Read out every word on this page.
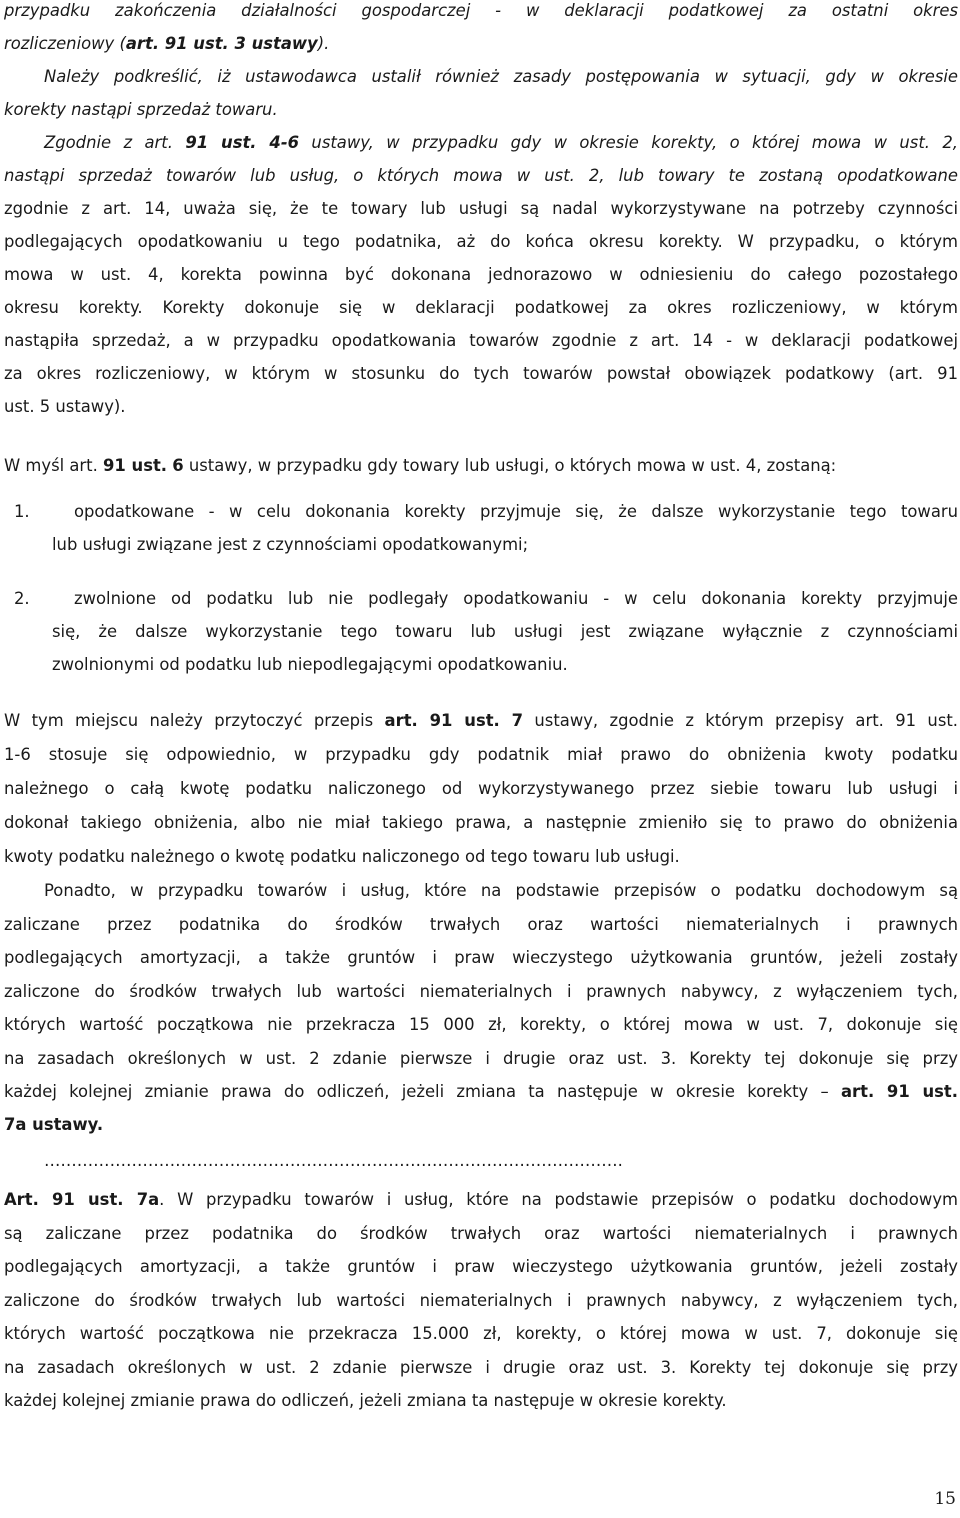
przypadku zakończenia działalności gospodarczej - w deklaracji podatkowej za ostatni okres
rozliczeniowy (art. 91 ust. 3 ustawy).
Należy podkreślić, iż ustawodawca ustalił również zasady postępowania w sytuacji, gdy w okresie
korekty nastąpi sprzedaż towaru.
Zgodnie z art. 91 ust. 4-6 ustawy, w przypadku gdy w okresie korekty, o której mowa w ust. 2,
nastąpi sprzedaż towarów lub usług, o których mowa w ust. 2, lub towary te zostaną opodatkowane
zgodnie z art. 14, uważa się, że te towary lub usługi są nadal wykorzystywane na potrzeby czynności
podlegających opodatkowaniu u tego podatnika, aż do końca okresu korekty. W przypadku, o którym
mowa w ust. 4, korekta powinna być dokonana jednorazowo w odniesieniu do całego pozostałego
okresu korekty. Korekty dokonuje się w deklaracji podatkowej za okres rozliczeniowy, w którym
nastąpiła sprzedaż, a w przypadku opodatkowania towarów zgodnie z art. 14 - w deklaracji podatkowej
za okres rozliczeniowy, w którym w stosunku do tych towarów powstał obowiązek podatkowy (art. 91
ust. 5 ustawy).
W myśl art. 91 ust. 6 ustawy, w przypadku gdy towary lub usługi, o których mowa w ust. 4, zostaną:
1.	opodatkowane - w celu dokonania korekty przyjmuje się, że dalsze wykorzystanie tego towaru
lub usługi związane jest z czynnościami opodatkowanymi;
2.	zwolnione od podatku lub nie podlegały opodatkowaniu - w celu dokonania korekty przyjmuje
się, że dalsze wykorzystanie tego towaru lub usługi jest związane wyłącznie z czynnościami
zwolnionymi od podatku lub niepodlegającymi opodatkowaniu.
W tym miejscu należy przytoczyć przepis art. 91 ust. 7 ustawy, zgodnie z którym przepisy art. 91 ust.
1-6 stosuje się odpowiednio, w przypadku gdy podatnik miał prawo do obniżenia kwoty podatku
należnego o całą kwotę podatku naliczonego od wykorzystywanego przez siebie towaru lub usługi i
dokonał takiego obniżenia, albo nie miał takiego prawa, a następnie zmieniło się to prawo do obniżenia
kwoty podatku należnego o kwotę podatku naliczonego od tego towaru lub usługi.
Ponadto, w przypadku towarów i usług, które na podstawie przepisów o podatku dochodowym są
zaliczane przez podatnika do środków trwałych oraz wartości niematerialnych i prawnych
podlegających amortyzacji, a także gruntów i praw wieczystego użytkowania gruntów, jeżeli zostały
zaliczone do środków trwałych lub wartości niematerialnych i prawnych nabywcy, z wyłączeniem tych,
których wartość początkowa nie przekracza 15 000 zł, korekty, o której mowa w ust. 7, dokonuje się
na zasadach określonych w ust. 2 zdanie pierwsze i drugie oraz ust. 3. Korekty tej dokonuje się przy
każdej kolejnej zmianie prawa do odliczeń, jeżeli zmiana ta następuje w okresie korekty – art. 91 ust.
7a ustawy.
…………………………………………………………………………………………….
Art. 91 ust. 7a. W przypadku towarów i usług, które na podstawie przepisów o podatku dochodowym
są zaliczane przez podatnika do środków trwałych oraz wartości niematerialnych i prawnych
podlegających amortyzacji, a także gruntów i praw wieczystego użytkowania gruntów, jeżeli zostały
zaliczone do środków trwałych lub wartości niematerialnych i prawnych nabywcy, z wyłączeniem tych,
których wartość początkowa nie przekracza 15.000 zł, korekty, o której mowa w ust. 7, dokonuje się
na zasadach określonych w ust. 2 zdanie pierwsze i drugie oraz ust. 3. Korekty tej dokonuje się przy
każdej kolejnej zmianie prawa do odliczeń, jeżeli zmiana ta następuje w okresie korekty.
15
